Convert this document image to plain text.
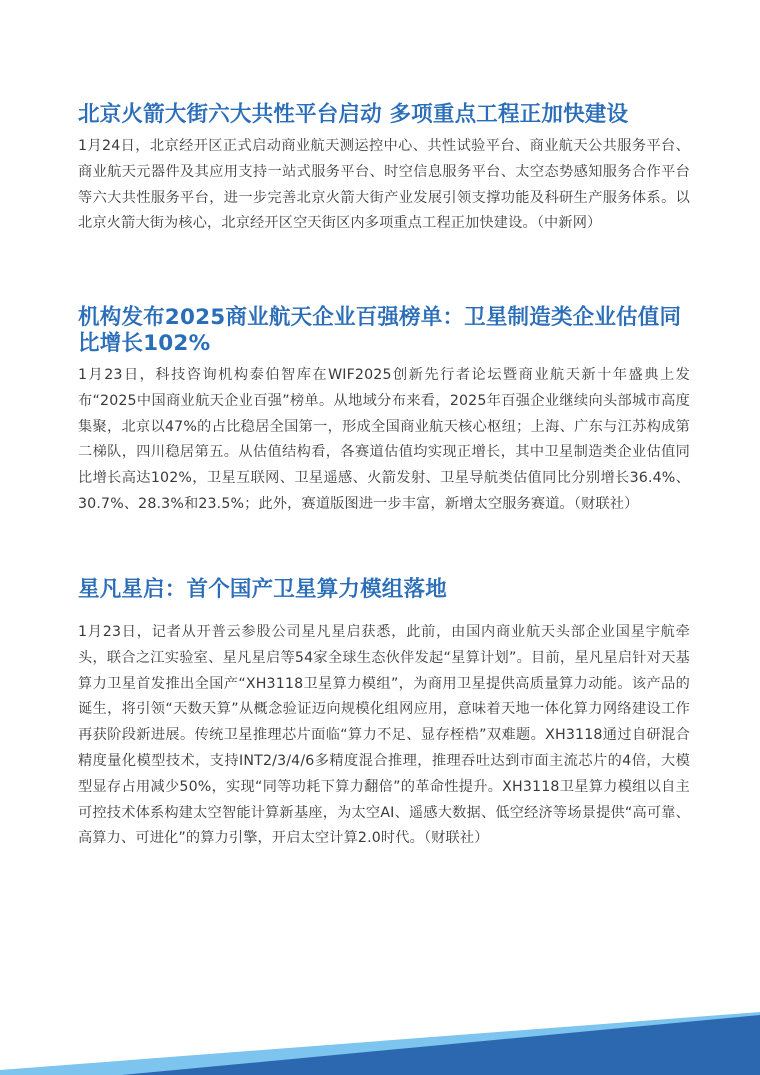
北京火箭大街六大共性平台启动 多项重点工程正加快建设

1月24日，北京经开区正式启动商业航天测运控中心、共性试验平台、商业航天公共服务平台、商业航天元器件及其应用支持一站式服务平台、时空信息服务平台、太空态势感知服务合作平台等六大共性服务平台，进一步完善北京火箭大街产业发展引领支撑功能及科研生产服务体系。以北京火箭大街为核心，北京经开区空天街区内多项重点工程正加快建设。（中新网）

机构发布2025商业航天企业百强榜单：卫星制造类企业估值同比增长102%

1月23日，科技咨询机构泰伯智库在WIF2025创新先行者论坛暨商业航天新十年盛典上发布“2025中国商业航天企业百强”榜单。从地域分布来看，2025年百强企业继续向头部城市高度集聚，北京以47%的占比稳居全国第一，形成全国商业航天核心枢纽；上海、广东与江苏构成第二梯队，四川稳居第五。从估值结构看，各赛道估值均实现正增长，其中卫星制造类企业估值同比增长高达102%，卫星互联网、卫星遥感、火箭发射、卫星导航类估值同比分别增长36.4%、30.7%、28.3%和23.5%；此外，赛道版图进一步丰富，新增太空服务赛道。（财联社）

星凡星启：首个国产卫星算力模组落地

1月23日，记者从开普云参股公司星凡星启获悉，此前，由国内商业航天头部企业国星宇航牵头，联合之江实验室、星凡星启等54家全球生态伙伴发起“星算计划”。目前，星凡星启针对天基算力卫星首发推出全国产“XH3118卫星算力模组”，为商用卫星提供高质量算力动能。该产品的诞生，将引领“天数天算”从概念验证迈向规模化组网应用，意味着天地一体化算力网络建设工作再获阶段新进展。传统卫星推理芯片面临“算力不足、显存桎梏”双难题。XH3118通过自研混合精度量化模型技术，支持INT2/3/4/6多精度混合推理，推理吞吐达到市面主流芯片的4倍，大模型显存占用减少50%，实现“同等功耗下算力翻倍”的革命性提升。XH3118卫星算力模组以自主可控技术体系构建太空智能计算新基座，为太空AI、遥感大数据、低空经济等场景提供“高可靠、高算力、可进化”的算力引擎，开启太空计算2.0时代。（财联社）
